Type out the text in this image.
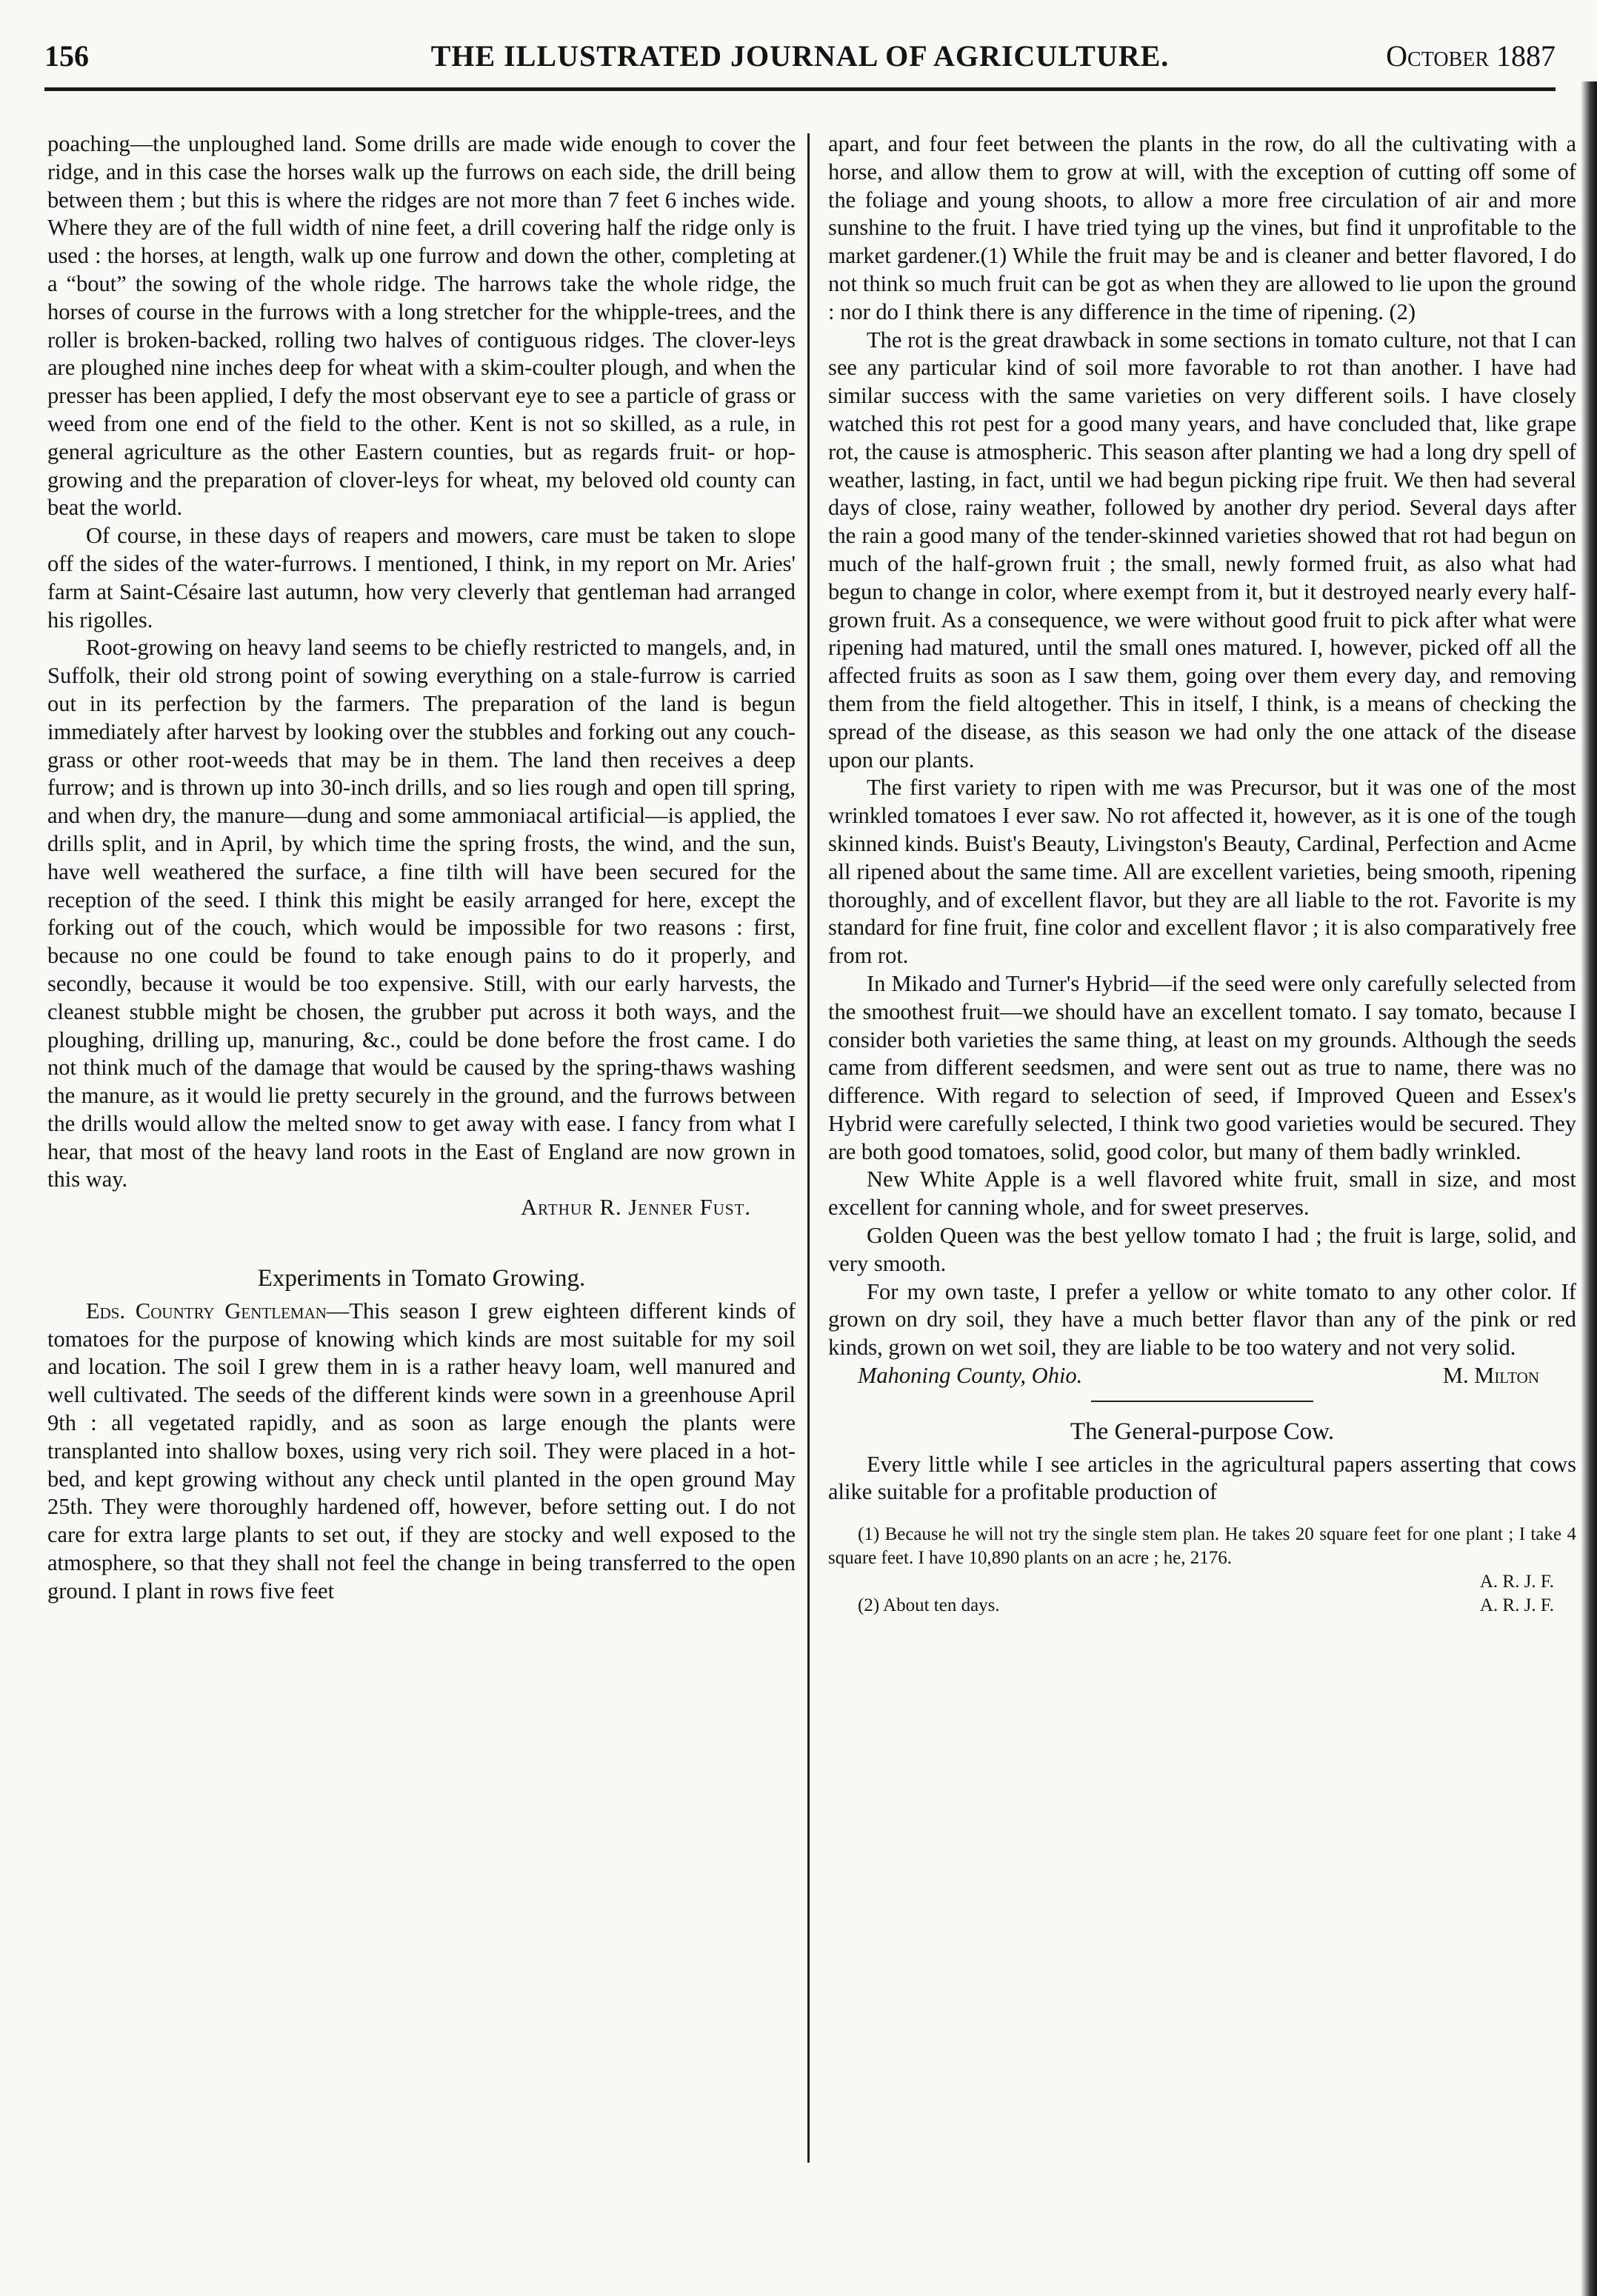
156	THE ILLUSTRATED JOURNAL OF AGRICULTURE.	October 1887

poaching—the unploughed land. Some drills are made wide enough to cover the ridge, and in this case the horses walk up the furrows on each side, the drill being between them ; but this is where the ridges are not more than 7 feet 6 inches wide. Where they are of the full width of nine feet, a drill covering half the ridge only is used : the horses, at length, walk up one furrow and down the other, completing at a “bout” the sowing of the whole ridge. The harrows take the whole ridge, the horses of course in the furrows with a long stretcher for the whipple-trees, and the roller is broken-backed, rolling two halves of contiguous ridges. The clover-leys are ploughed nine inches deep for wheat with a skim-coulter plough, and when the presser has been applied, I defy the most observant eye to see a particle of grass or weed from one end of the field to the other. Kent is not so skilled, as a rule, in general agriculture as the other Eastern counties, but as regards fruit- or hop-growing and the preparation of clover-leys for wheat, my beloved old county can beat the world.

Of course, in these days of reapers and mowers, care must be taken to slope off the sides of the water-furrows. I mentioned, I think, in my report on Mr. Aries' farm at Saint-Césaire last autumn, how very cleverly that gentleman had arranged his rigolles.

Root-growing on heavy land seems to be chiefly restricted to mangels, and, in Suffolk, their old strong point of sowing everything on a stale-furrow is carried out in its perfection by the farmers. The preparation of the land is begun immediately after harvest by looking over the stubbles and forking out any couch-grass or other root-weeds that may be in them. The land then receives a deep furrow; and is thrown up into 30-inch drills, and so lies rough and open till spring, and when dry, the manure—dung and some ammoniacal artificial—is applied, the drills split, and in April, by which time the spring frosts, the wind, and the sun, have well weathered the surface, a fine tilth will have been secured for the reception of the seed. I think this might be easily arranged for here, except the forking out of the couch, which would be impossible for two reasons : first, because no one could be found to take enough pains to do it properly, and secondly, because it would be too expensive. Still, with our early harvests, the cleanest stubble might be chosen, the grubber put across it both ways, and the ploughing, drilling up, manuring, &c., could be done before the frost came. I do not think much of the damage that would be caused by the spring-thaws washing the manure, as it would lie pretty securely in the ground, and the furrows between the drills would allow the melted snow to get away with ease. I fancy from what I hear, that most of the heavy land roots in the East of England are now grown in this way.

Arthur R. Jenner Fust.
Experiments in Tomato Growing.

Eds. Country Gentleman—This season I grew eighteen different kinds of tomatoes for the purpose of knowing which kinds are most suitable for my soil and location. The soil I grew them in is a rather heavy loam, well manured and well cultivated. The seeds of the different kinds were sown in a greenhouse April 9th : all vegetated rapidly, and as soon as large enough the plants were transplanted into shallow boxes, using very rich soil. They were placed in a hot-bed, and kept growing without any check until planted in the open ground May 25th. They were thoroughly hardened off, however, before setting out. I do not care for extra large plants to set out, if they are stocky and well exposed to the atmosphere, so that they shall not feel the change in being transferred to the open ground. I plant in rows five feet

apart, and four feet between the plants in the row, do all the cultivating with a horse, and allow them to grow at will, with the exception of cutting off some of the foliage and young shoots, to allow a more free circulation of air and more sunshine to the fruit. I have tried tying up the vines, but find it unprofitable to the market gardener.(1) While the fruit may be and is cleaner and better flavored, I do not think so much fruit can be got as when they are allowed to lie upon the ground : nor do I think there is any difference in the time of ripening. (2)

The rot is the great drawback in some sections in tomato culture, not that I can see any particular kind of soil more favorable to rot than another. I have had similar success with the same varieties on very different soils. I have closely watched this rot pest for a good many years, and have concluded that, like grape rot, the cause is atmospheric. This season after planting we had a long dry spell of weather, lasting, in fact, until we had begun picking ripe fruit. We then had several days of close, rainy weather, followed by another dry period. Several days after the rain a good many of the tender-skinned varieties showed that rot had begun on much of the half-grown fruit ; the small, newly formed fruit, as also what had begun to change in color, where exempt from it, but it destroyed nearly every half-grown fruit. As a consequence, we were without good fruit to pick after what were ripening had matured, until the small ones matured. I, however, picked off all the affected fruits as soon as I saw them, going over them every day, and removing them from the field altogether. This in itself, I think, is a means of checking the spread of the disease, as this season we had only the one attack of the disease upon our plants.

The first variety to ripen with me was Precursor, but it was one of the most wrinkled tomatoes I ever saw. No rot affected it, however, as it is one of the tough skinned kinds. Buist's Beauty, Livingston's Beauty, Cardinal, Perfection and Acme all ripened about the same time. All are excellent varieties, being smooth, ripening thoroughly, and of excellent flavor, but they are all liable to the rot. Favorite is my standard for fine fruit, fine color and excellent flavor ; it is also comparatively free from rot.

In Mikado and Turner's Hybrid—if the seed were only carefully selected from the smoothest fruit—we should have an excellent tomato. I say tomato, because I consider both varieties the same thing, at least on my grounds. Although the seeds came from different seedsmen, and were sent out as true to name, there was no difference. With regard to selection of seed, if Improved Queen and Essex's Hybrid were carefully selected, I think two good varieties would be secured. They are both good tomatoes, solid, good color, but many of them badly wrinkled.

New White Apple is a well flavored white fruit, small in size, and most excellent for canning whole, and for sweet preserves.

Golden Queen was the best yellow tomato I had ; the fruit is large, solid, and very smooth.

For my own taste, I prefer a yellow or white tomato to any other color. If grown on dry soil, they have a much better flavor than any of the pink or red kinds, grown on wet soil, they are liable to be too watery and not very solid.

Mahoning County, Ohio.	M. Milton
The General-purpose Cow.

Every little while I see articles in the agricultural papers asserting that cows alike suitable for a profitable production of

(1) Because he will not try the single stem plan. He takes 20 square feet for one plant ; I take 4 square feet. I have 10,890 plants on an acre ; he, 2176.

A. R. J. F.
(2) About ten days.	A. R. J. F.
